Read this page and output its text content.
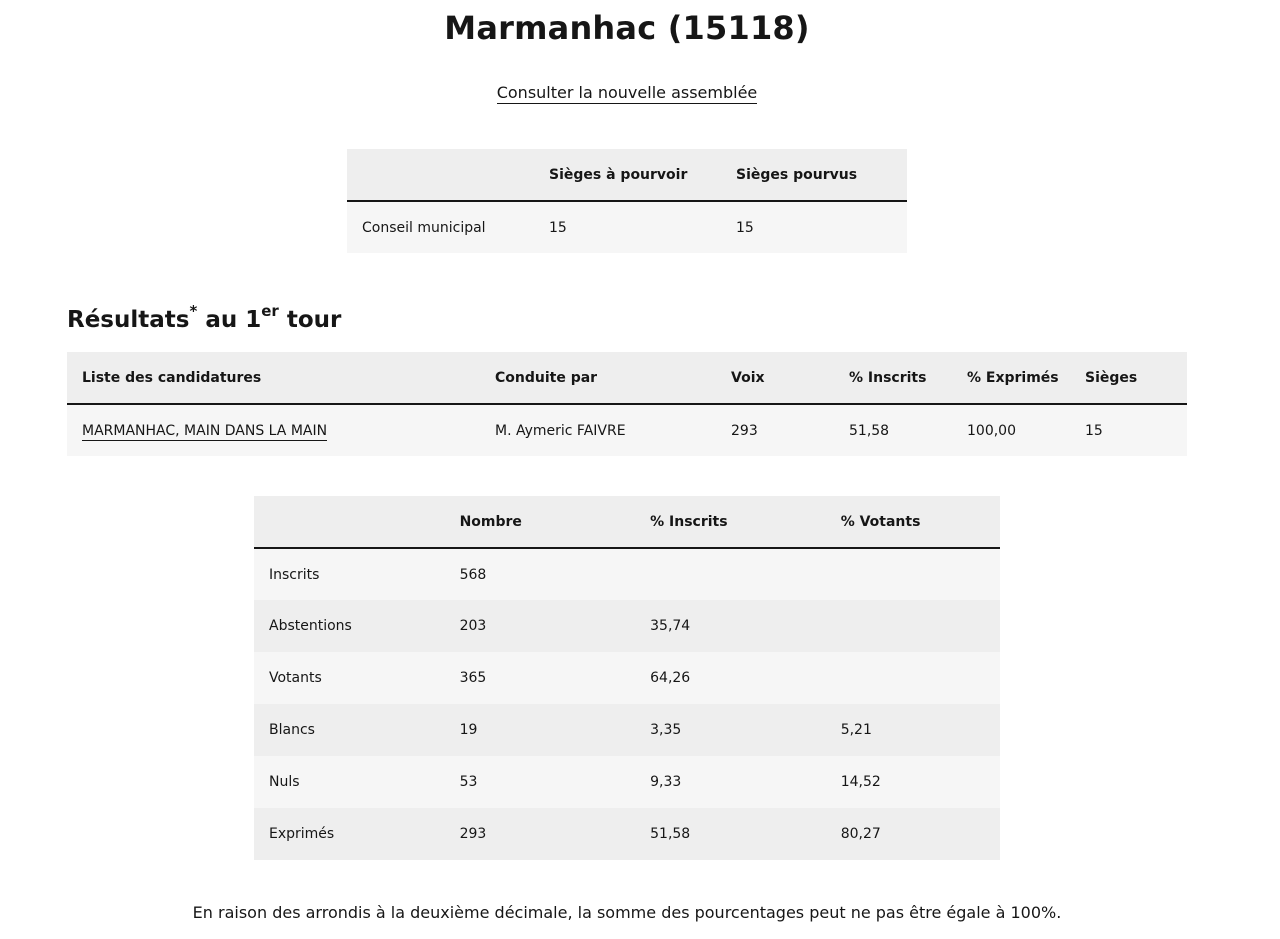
Marmanhac (15118)
Consulter la nouvelle assemblée
	Sièges à pourvoir	Sièges pourvus
Conseil municipal	15	15
Résultats* au 1er tour
Liste des candidatures	Conduite par	Voix	% Inscrits	% Exprimés	Sièges
MARMANHAC, MAIN DANS LA MAIN	M. Aymeric FAIVRE	293	51,58	100,00	15
	Nombre	% Inscrits	% Votants
Inscrits	568		
Abstentions	203	35,74	
Votants	365	64,26	
Blancs	19	3,35	5,21
Nuls	53	9,33	14,52
Exprimés	293	51,58	80,27

En raison des arrondis à la deuxième décimale, la somme des pourcentages peut ne pas être égale à 100%.
